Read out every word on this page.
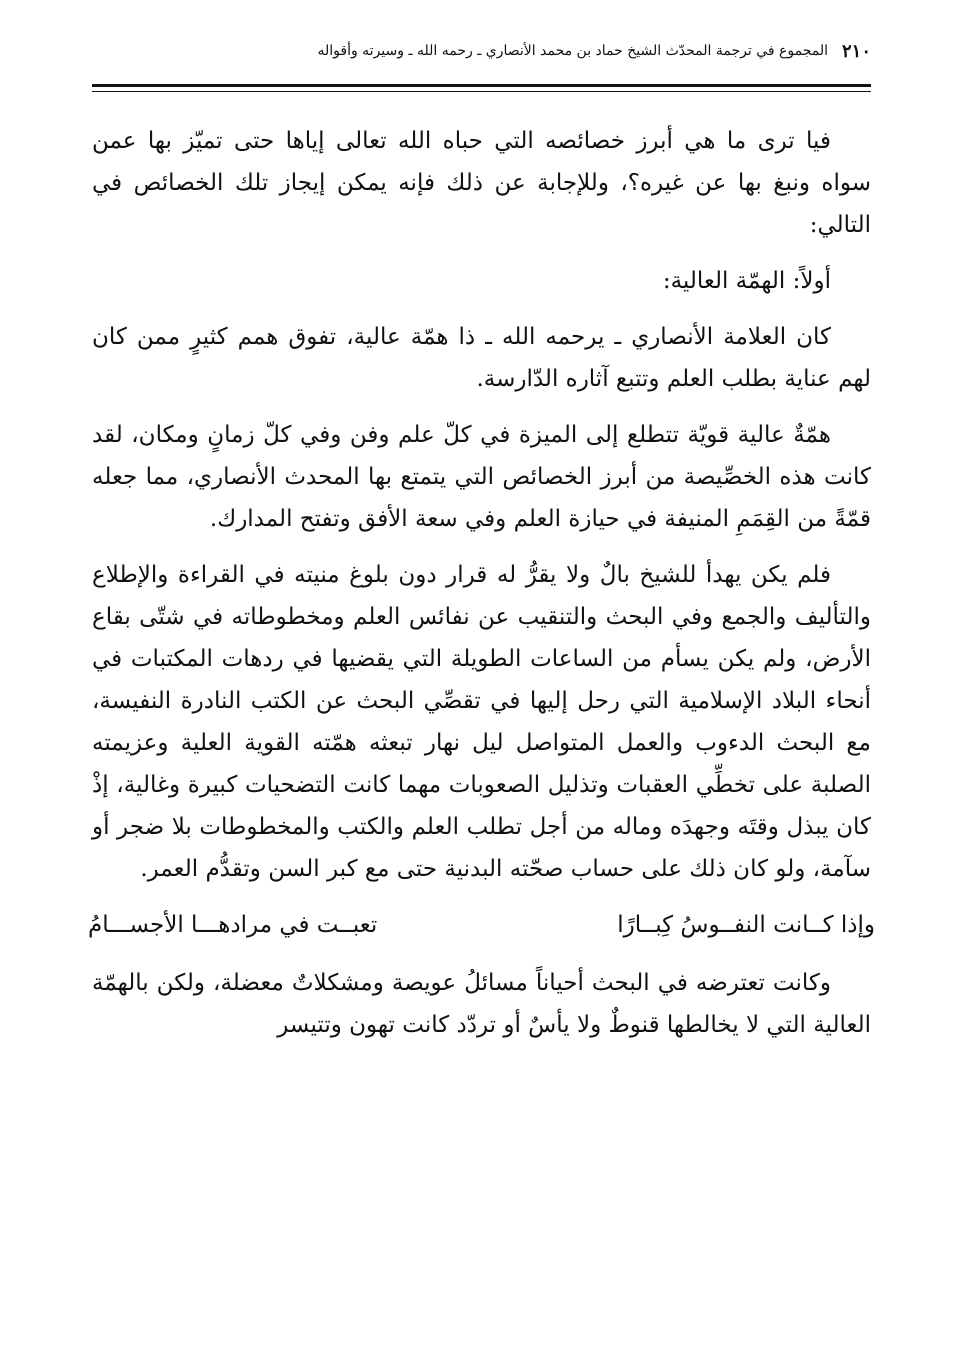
٢١٠
المجموع في ترجمة المحدّث الشيخ حماد بن محمد الأنصاري ـ رحمه الله ـ وسيرته وأقواله

فيا ترى ما هي أبرز خصائصه التي حباه الله تعالى إياها حتى تميّز بها عمن سواه ونبغ بها عن غيره؟، وللإجابة عن ذلك فإنه يمكن إيجاز تلك الخصائص في التالي:

أولاً: الهمّة العالية:

كان العلامة الأنصاري ـ يرحمه الله ـ ذا همّة عالية، تفوق همم كثيرٍ ممن كان لهم عناية بطلب العلم وتتبع آثاره الدّارسة.

همّةٌ عالية قويّة تتطلع إلى الميزة في كلّ علم وفن وفي كلّ زمانٍ ومكان، لقد كانت هذه الخصِّيصة من أبرز الخصائص التي يتمتع بها المحدث الأنصاري، مما جعله قمّةً من القِمَمِ المنيفة في حيازة العلم وفي سعة الأفق وتفتح المدارك.

فلم يكن يهدأ للشيخ بالٌ ولا يقرُّ له قرار دون بلوغ منيته في القراءة والإطلاع والتأليف والجمع وفي البحث والتنقيب عن نفائس العلم ومخطوطاته في شتّى بقاع الأرض، ولم يكن يسأم من الساعات الطويلة التي يقضيها في ردهات المكتبات في أنحاء البلاد الإسلامية التي رحل إليها في تقصِّي البحث عن الكتب النادرة النفيسة، مع البحث الدءوب والعمل المتواصل ليل نهار تبعثه همّته القوية العلية وعزيمته الصلبة على تخطِّي العقبات وتذليل الصعوبات مهما كانت التضحيات كبيرة وغالية، إذْ كان يبذل وقتَه وجهدَه وماله من أجل تطلب العلم والكتب والمخطوطات بلا ضجر أو سآمة، ولو كان ذلك على حساب صحّته البدنية حتى مع كبر السن وتقدُّم العمر.

وإذا كــانت النفــوسُ كِبــارًا
تعبــت في مرادهـــا الأجســـامُ

وكانت تعترضه في البحث أحياناً مسائلُ عويصة ومشكلاتٌ معضلة، ولكن بالهمّة العالية التي لا يخالطها قنوطٌ ولا يأسٌ أو تردّد كانت تهون وتتيسر
